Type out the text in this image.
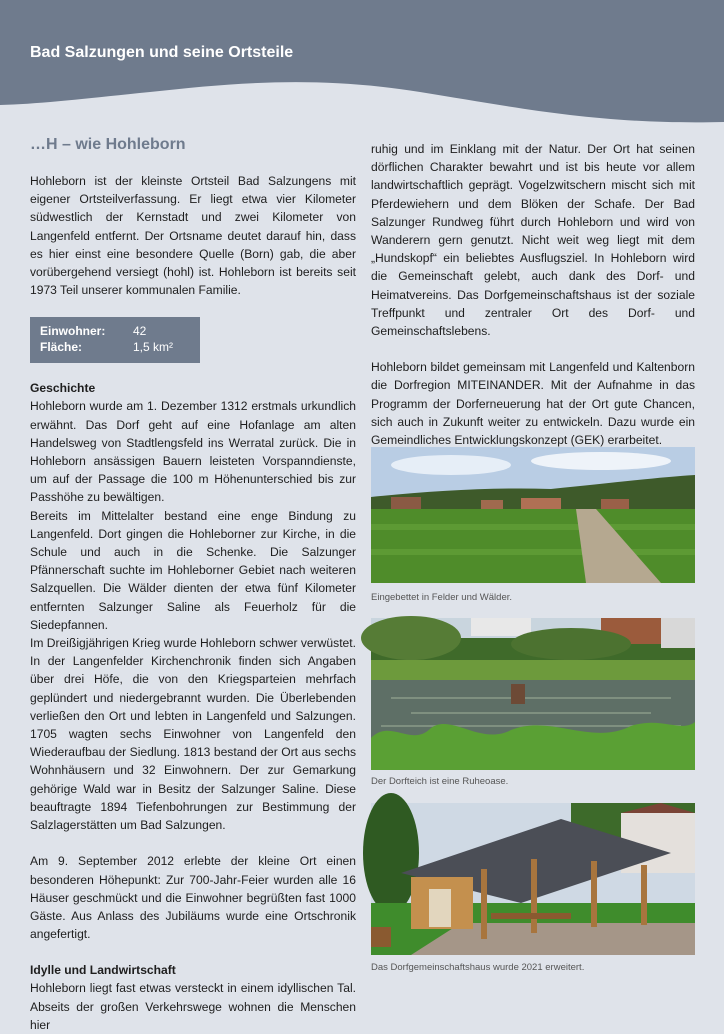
Bad Salzungen und seine Ortsteile
…H – wie Hohleborn

Hohleborn ist der kleinste Ortsteil Bad Salzungens mit eigener Ortsteilverfassung. Er liegt etwa vier Kilometer südwestlich der Kernstadt und zwei Kilometer von Langenfeld entfernt. Der Ortsname deutet darauf hin, dass es hier einst eine besondere Quelle (Born) gab, die aber vorübergehend versiegt (hohl) ist. Hohleborn ist bereits seit 1973 Teil unserer kommunalen Familie.

Einwohner:	42
Fläche:	1,5 km²
Geschichte

Hohleborn wurde am 1. Dezember 1312 erstmals urkundlich erwähnt. Das Dorf geht auf eine Hofanlage am alten Handelsweg von Stadtlengsfeld ins Werratal zurück. Die in Hohleborn ansässigen Bauern leisteten Vorspanndienste, um auf der Passage die 100 m Höhenunterschied bis zur Passhöhe zu bewältigen.

Bereits im Mittelalter bestand eine enge Bindung zu Langenfeld. Dort gingen die Hohleborner zur Kirche, in die Schule und auch in die Schenke. Die Salzunger Pfännerschaft suchte im Hohleborner Gebiet nach weiteren Salzquellen. Die Wälder dienten der etwa fünf Kilometer entfernten Salzunger Saline als Feuerholz für die Siedepfannen.

Im Dreißigjährigen Krieg wurde Hohleborn schwer verwüstet. In der Langenfelder Kirchenchronik finden sich Angaben über drei Höfe, die von den Kriegsparteien mehrfach geplündert und niedergebrannt wurden. Die Überlebenden verließen den Ort und lebten in Langenfeld und Salzungen. 1705 wagten sechs Einwohner von Langenfeld den Wiederaufbau der Siedlung. 1813 bestand der Ort aus sechs Wohnhäusern und 32 Einwohnern. Der zur Gemarkung gehörige Wald war in Besitz der Salzunger Saline. Diese beauftragte 1894 Tiefenbohrungen zur Bestimmung der Salzlagerstätten um Bad Salzungen.

Am 9. September 2012 erlebte der kleine Ort einen besonderen Höhepunkt: Zur 700-Jahr-Feier wurden alle 16 Häuser geschmückt und die Einwohner begrüßten fast 1000 Gäste. Aus Anlass des Jubiläums wurde eine Ortschronik angefertigt.

Idylle und Landwirtschaft

Hohleborn liegt fast etwas versteckt in einem idyllischen Tal. Abseits der großen Verkehrswege wohnen die Menschen hier

ruhig und im Einklang mit der Natur. Der Ort hat seinen dörflichen Charakter bewahrt und ist bis heute vor allem landwirtschaftlich geprägt. Vogelzwitschern mischt sich mit Pferdewiehern und dem Blöken der Schafe. Der Bad Salzunger Rundweg führt durch Hohleborn und wird von Wanderern gern genutzt. Nicht weit weg liegt mit dem „Hundskopf“ ein beliebtes Ausflugsziel. In Hohleborn wird die Gemeinschaft gelebt, auch dank des Dorf- und Heimatvereins. Das Dorfgemeinschaftshaus ist der soziale Treffpunkt und zentraler Ort des Dorf- und Gemeinschaftslebens.

Hohleborn bildet gemeinsam mit Langenfeld und Kaltenborn die Dorfregion MITEINANDER. Mit der Aufnahme in das Programm der Dorferneuerung hat der Ort gute Chancen, sich auch in Zukunft weiter zu entwickeln. Dazu wurde ein Gemeindliches Entwicklungskonzept (GEK) erarbeitet.

Eingebettet in Felder und Wälder.
Der Dorfteich ist eine Ruheoase.
Das Dorfgemeinschaftshaus wurde 2021 erweitert.
